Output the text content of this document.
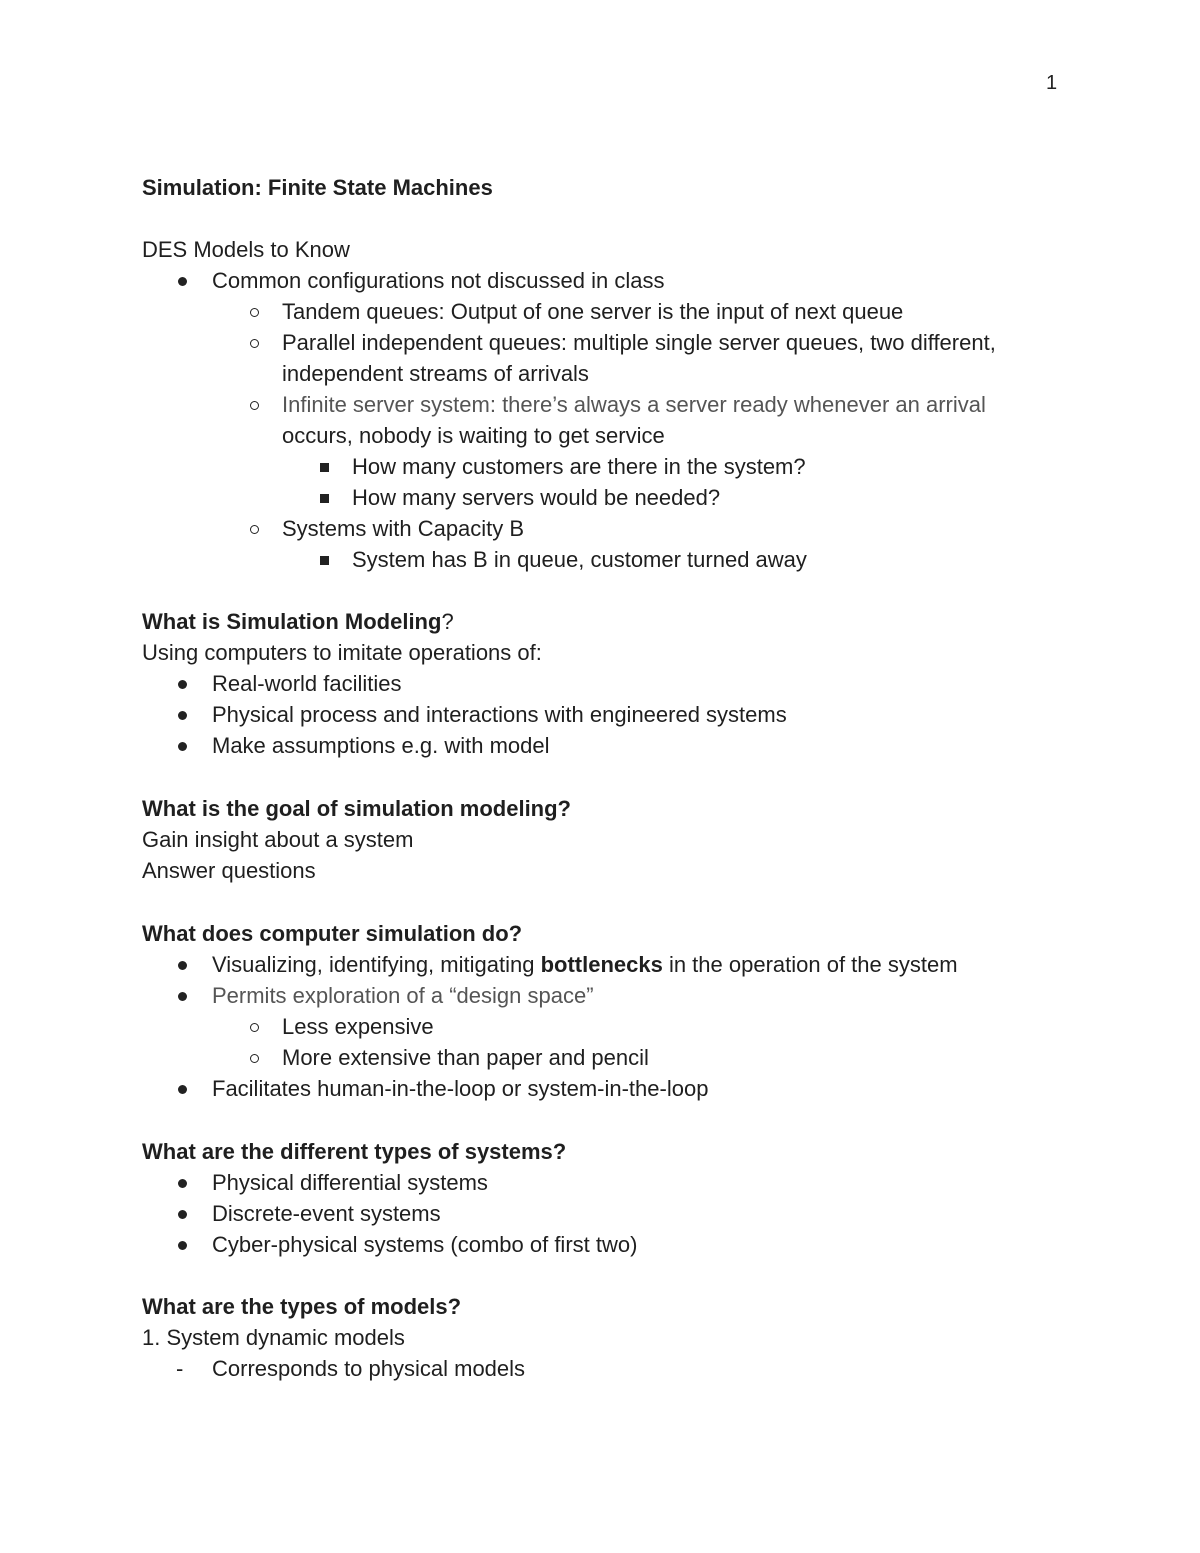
1
Simulation: Finite State Machines
DES Models to Know
Common configurations not discussed in class
Tandem queues: Output of one server is the input of next queue
Parallel independent queues: multiple single server queues, two different,
independent streams of arrivals
Infinite server system: there’s always a server ready whenever an arrival
occurs, nobody is waiting to get service
How many customers are there in the system?
How many servers would be needed?
Systems with Capacity B
System has B in queue, customer turned away
What is Simulation Modeling?
Using computers to imitate operations of:
Real-world facilities
Physical process and interactions with engineered systems
Make assumptions e.g. with model
What is the goal of simulation modeling?
Gain insight about a system
Answer questions
What does computer simulation do?
Visualizing, identifying, mitigating bottlenecks in the operation of the system
Permits exploration of a “design space”
Less expensive
More extensive than paper and pencil
Facilitates human-in-the-loop or system-in-the-loop
What are the different types of systems?
Physical differential systems
Discrete-event systems
Cyber-physical systems (combo of first two)
What are the types of models?
1. System dynamic models
- Corresponds to physical models
